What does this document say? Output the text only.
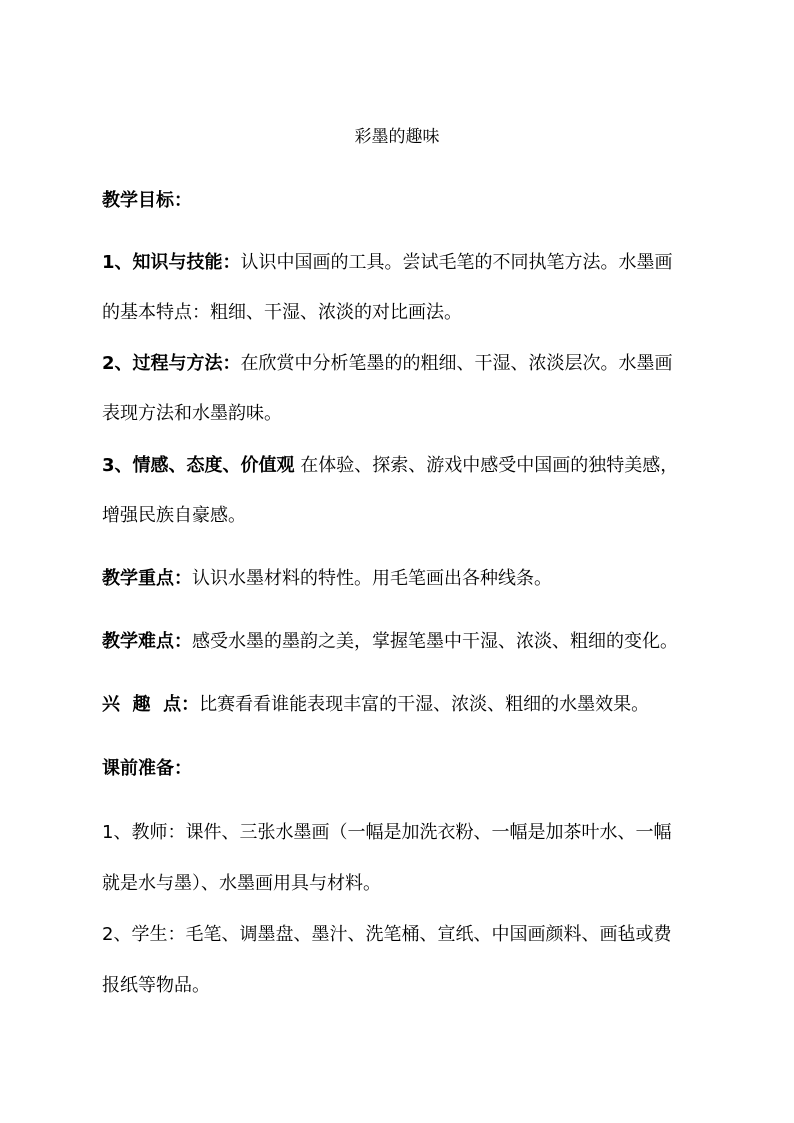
彩墨的趣味
教学目标：
1、知识与技能：认识中国画的工具。尝试毛笔的不同执笔方法。水墨画
的基本特点：粗细、干湿、浓淡的对比画法。
2、过程与方法：在欣赏中分析笔墨的的粗细、干湿、浓淡层次。水墨画
表现方法和水墨韵味。
3、情感、态度、价值观 在体验、探索、游戏中感受中国画的独特美感，
增强民族自豪感。
教学重点：认识水墨材料的特性。用毛笔画出各种线条。
教学难点：感受水墨的墨韵之美，掌握笔墨中干湿、浓淡、粗细的变化。
兴  趣  点：比赛看看谁能表现丰富的干湿、浓淡、粗细的水墨效果。
课前准备：
1、教师：课件、三张水墨画（一幅是加洗衣粉、一幅是加茶叶水、一幅
就是水与墨）、水墨画用具与材料。
2、学生：毛笔、调墨盘、墨汁、洗笔桶、宣纸、中国画颜料、画毡或费
报纸等物品。
